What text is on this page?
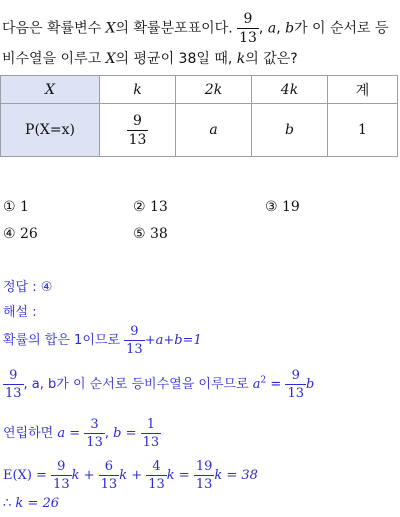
다음은 확률변수 X의 확률분포표이다. $\frac{9}{13}$ , a, b가 이 순서로 등
비수열을 이루고 X의 평균이 38일 때, k의 값은?
X	k	2k	4k	계
P(X=x)	$\frac{9}{13}$	a	b	1
① 1	② 13	③ 19
④ 26	⑤ 38
정답 : ④
해설 :
확률의 합은 1이므로 $\frac{9}{13} +a+b=1$
$\frac{9}{13}$ , a, b가 이 순서로 등비수열을 이루므로 $a^2 = \frac{9}{13}$ b
연립하면 $a = \frac{3}{13}$ , $b = \frac{1}{13}$
$E(X) = \frac{9}{13}$ $k + \frac{6}{13}$ $k + \frac{4}{13}$ $k = \frac{19}{13}$ k = 38
∴ k = 26
